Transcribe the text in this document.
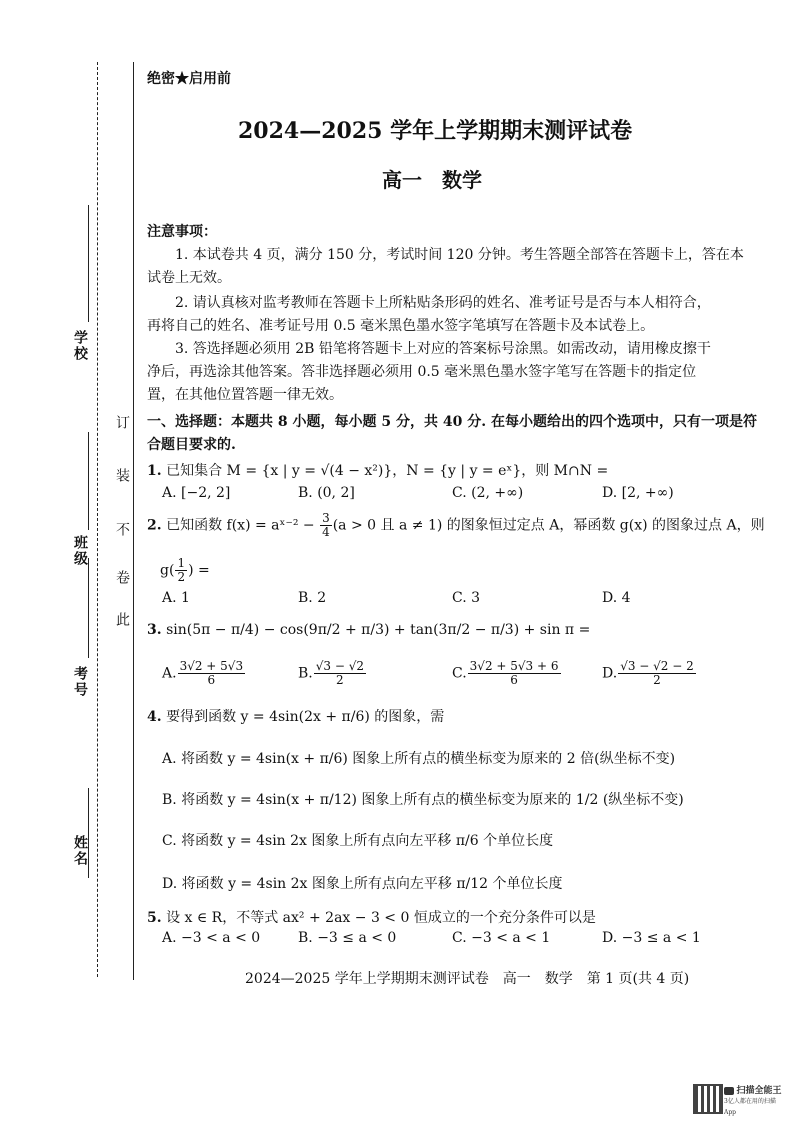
学校
班级
考号
姓名
此
卷
不
装
订
绝密★启用前
2024—2025 学年上学期期末测评试卷
高一　数学
注意事项：
1. 本试卷共 4 页，满分 150 分，考试时间 120 分钟。考生答题全部答在答题卡上，答在本
试卷上无效。
2. 请认真核对监考教师在答题卡上所粘贴条形码的姓名、准考证号是否与本人相符合，
再将自己的姓名、准考证号用 0.5 毫米黑色墨水签字笔填写在答题卡及本试卷上。
3. 答选择题必须用 2B 铅笔将答题卡上对应的答案标号涂黑。如需改动，请用橡皮擦干
净后，再选涂其他答案。答非选择题必须用 0.5 毫米黑色墨水签字笔写在答题卡的指定位
置，在其他位置答题一律无效。
一、选择题：本题共 8 小题，每小题 5 分，共 40 分. 在每小题给出的四个选项中，只有一项是符
合题目要求的.
1. 已知集合 M = {x | y = √(4 − x²)}，N = {y | y = eˣ}，则 M∩N =
A. [−2, 2]	B. (0, 2]	C. (2, +∞)	D. [2, +∞)
2. 已知函数 f(x) = aˣ⁻² − $\frac{3}{4} (a > 0$ 且 a ≠ 1) 的图象恒过定点 A，幂函数 g(x) 的图象过点 A，则
$g( \frac{1}{2}$ ) =
A. 1	B. 2	C. 3	D. 4
3. sin(5π − π/4) − cos(9π/2 + π/3) + tan(3π/2 − π/3) + sin π =
A. $\frac{3√2 + 5√3}{6}$	B. $\frac{√3 - √2}{2}$	C. $\frac{3√2 + 5√3 + 6}{6}$	D. $\frac{√3 - √2 - 2}{2}$
4. 要得到函数 y = 4sin(2x + π/6) 的图象，需
A. 将函数 y = 4sin(x + π/6) 图象上所有点的横坐标变为原来的 2 倍(纵坐标不变)
B. 将函数 y = 4sin(x + π/12) 图象上所有点的横坐标变为原来的 1/2 (纵坐标不变)
C. 将函数 y = 4sin 2x 图象上所有点向左平移 π/6 个单位长度
D. 将函数 y = 4sin 2x 图象上所有点向左平移 π/12 个单位长度
5. 设 x ∈ R，不等式 ax² + 2ax − 3 < 0 恒成立的一个充分条件可以是
A. −3 < a < 0	B. −3 ≤ a < 0	C. −3 < a < 1	D. −3 ≤ a < 1
2024—2025 学年上学期期末测评试卷　高一　数学　第 1 页(共 4 页)
扫描全能王
3亿人都在用的扫描App
